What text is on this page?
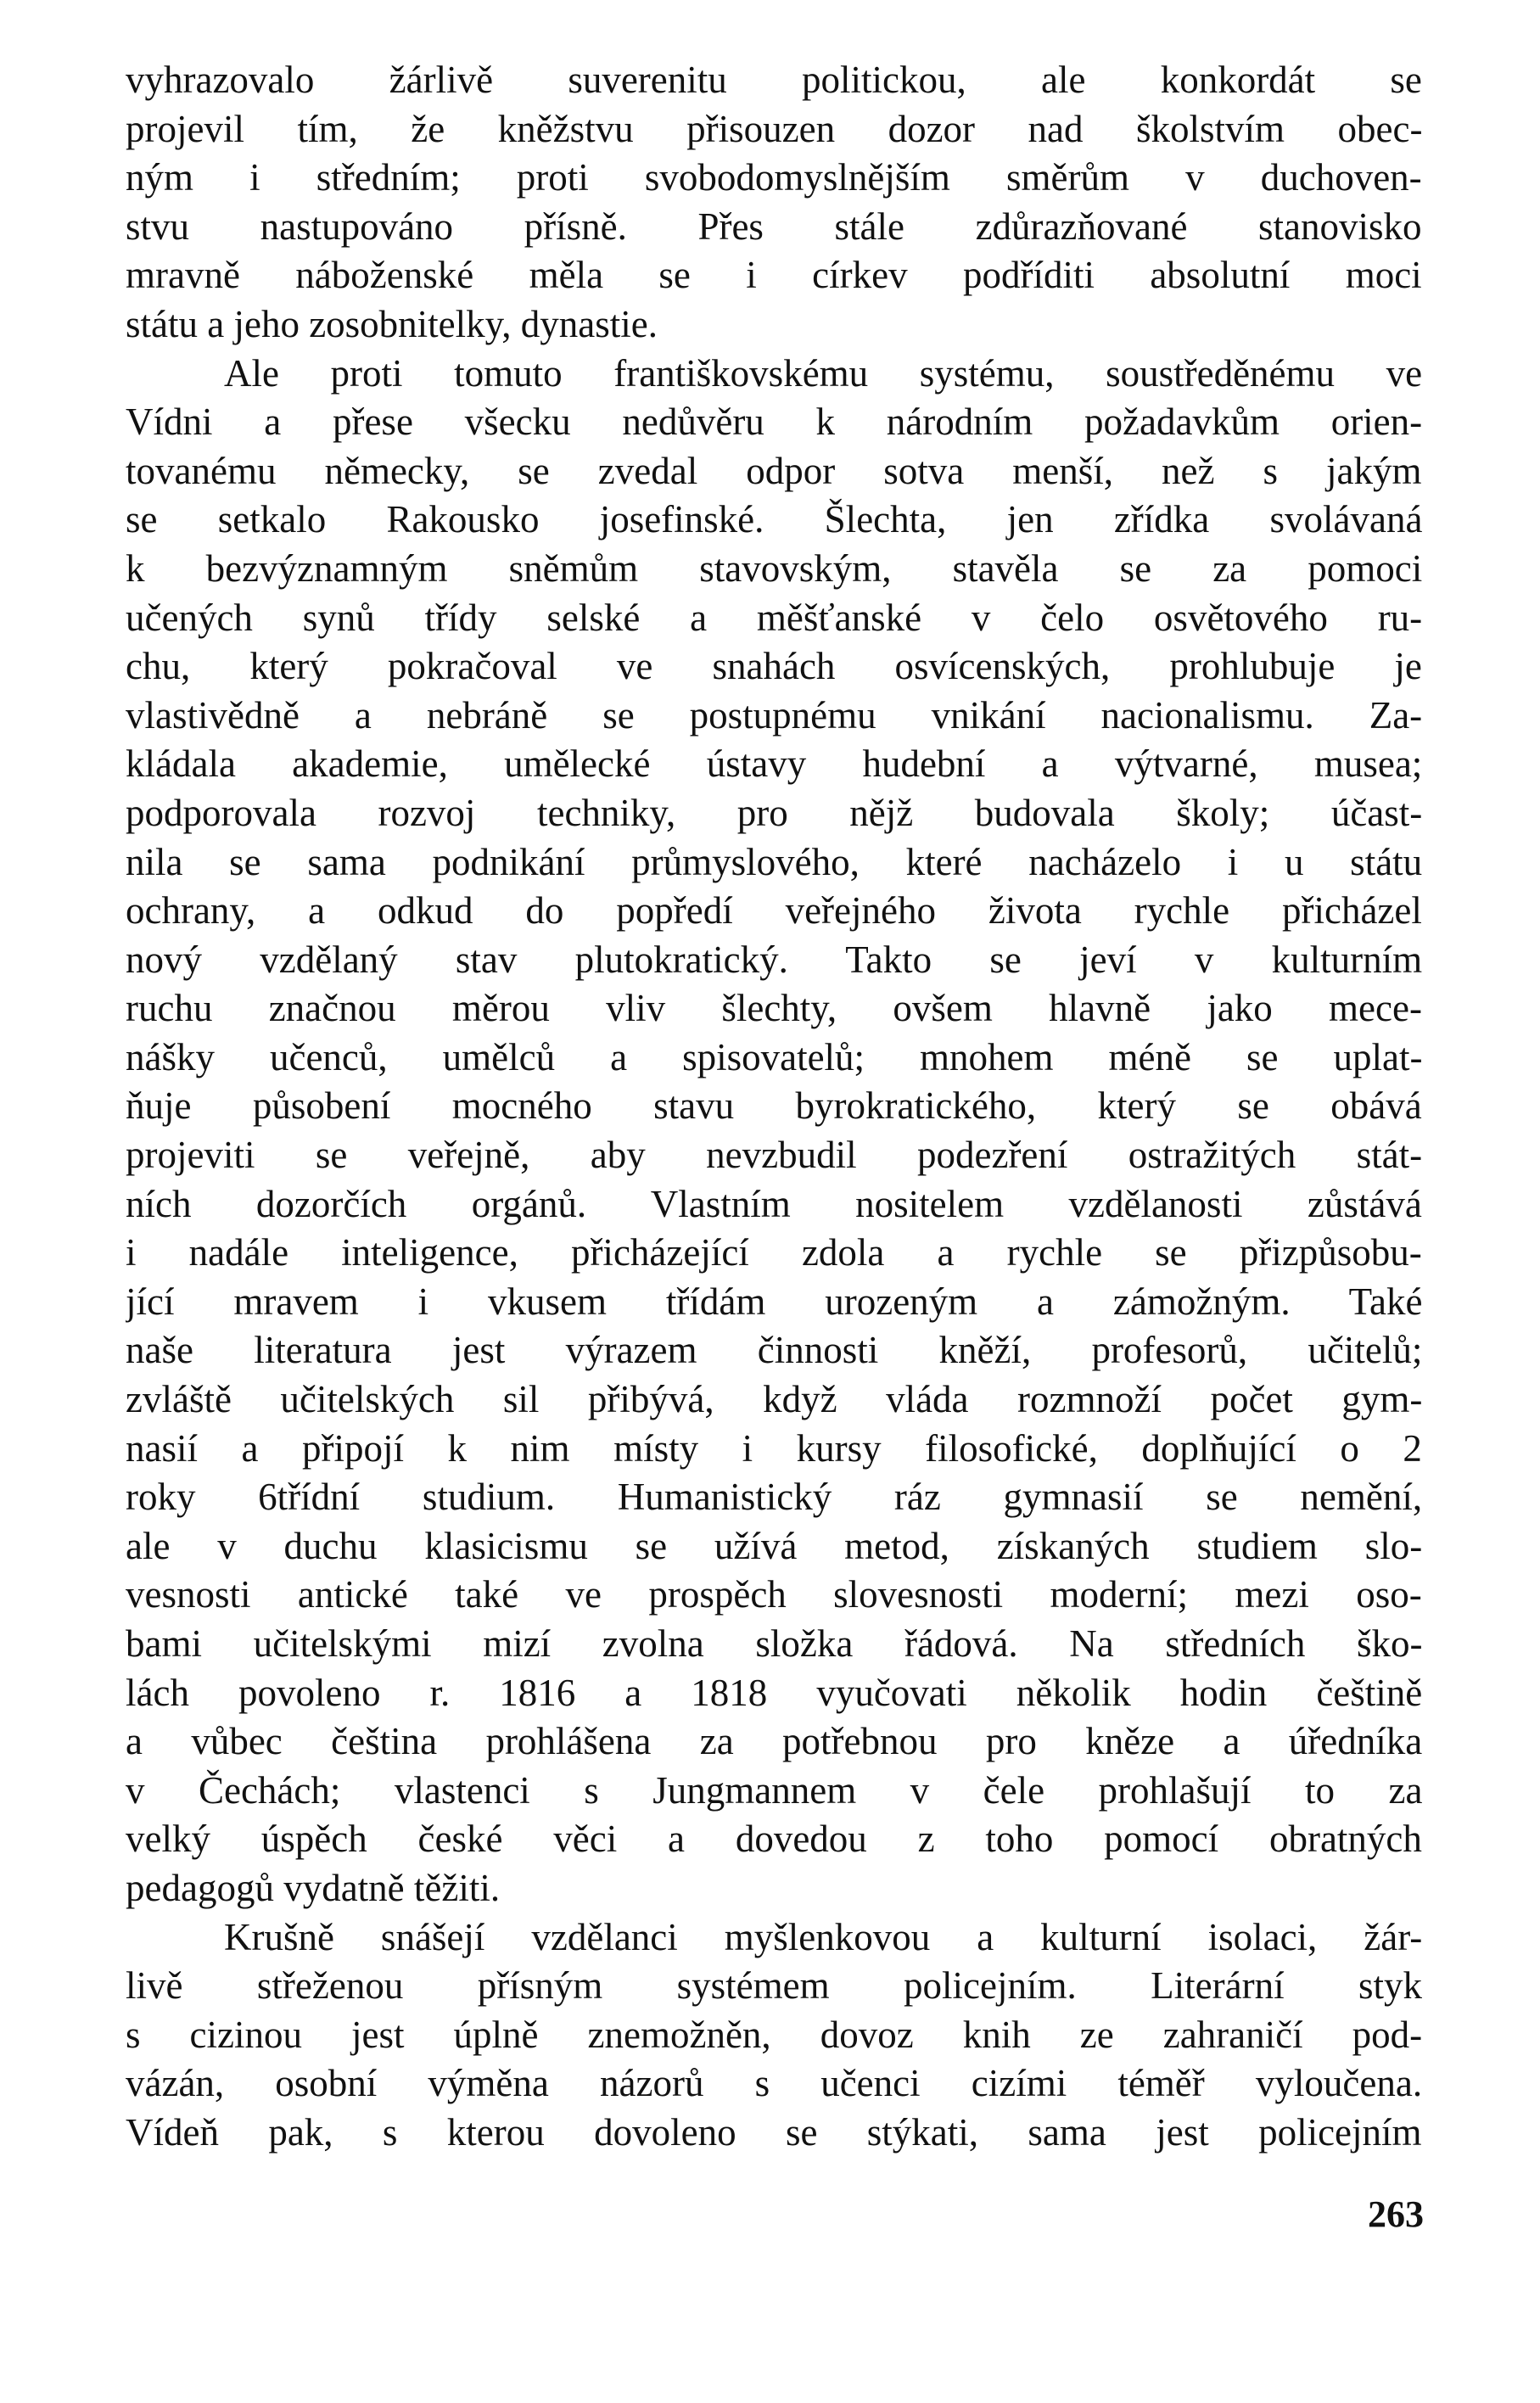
vyhrazovalo žárlivě suverenitu politickou, ale konkordát se
projevil tím, že kněžstvu přisouzen dozor nad školstvím obec-
ným i středním; proti svobodomyslnějším směrům v duchoven-
stvu nastupováno přísně. Přes stále zdůrazňované stanovisko
mravně náboženské měla se i církev podříditi absolutní moci
státu a jeho zosobnitelky, dynastie.
Ale proti tomuto františkovskému systému, soustředěnému ve
Vídni a přese všecku nedůvěru k národním požadavkům orien-
tovanému německy, se zvedal odpor sotva menší, než s jakým
se setkalo Rakousko josefinské. Šlechta, jen zřídka svolávaná
k bezvýznamným sněmům stavovským, stavěla se za pomoci
učených synů třídy selské a měšťanské v čelo osvětového ru-
chu, který pokračoval ve snahách osvícenských, prohlubuje je
vlastivědně a nebráně se postupnému vnikání nacionalismu. Za-
kládala akademie, umělecké ústavy hudební a výtvarné, musea;
podporovala rozvoj techniky, pro nějž budovala školy; účast-
nila se sama podnikání průmyslového, které nacházelo i u státu
ochrany, a odkud do popředí veřejného života rychle přicházel
nový vzdělaný stav plutokratický. Takto se jeví v kulturním
ruchu značnou měrou vliv šlechty, ovšem hlavně jako mece-
nášky učenců, umělců a spisovatelů; mnohem méně se uplat-
ňuje působení mocného stavu byrokratického, který se obává
projeviti se veřejně, aby nevzbudil podezření ostražitých stát-
ních dozorčích orgánů. Vlastním nositelem vzdělanosti zůstává
i nadále inteligence, přicházející zdola a rychle se přizpůsobu-
jící mravem i vkusem třídám urozeným a zámožným. Také
naše literatura jest výrazem činnosti kněží, profesorů, učitelů;
zvláště učitelských sil přibývá, když vláda rozmnoží počet gym-
nasií a připojí k nim místy i kursy filosofické, doplňující o 2
roky 6třídní studium. Humanistický ráz gymnasií se nemění,
ale v duchu klasicismu se užívá metod, získaných studiem slo-
vesnosti antické také ve prospěch slovesnosti moderní; mezi oso-
bami učitelskými mizí zvolna složka řádová. Na středních ško-
lách povoleno r. 1816 a 1818 vyučovati několik hodin češtině
a vůbec čeština prohlášena za potřebnou pro kněze a úředníka
v Čechách; vlastenci s Jungmannem v čele prohlašují to za
velký úspěch české věci a dovedou z toho pomocí obratných
pedagogů vydatně těžiti.
Krušně snášejí vzdělanci myšlenkovou a kulturní isolaci, žár-
livě střeženou přísným systémem policejním. Literární styk
s cizinou jest úplně znemožněn, dovoz knih ze zahraničí pod-
vázán, osobní výměna názorů s učenci cizími téměř vyloučena.
Vídeň pak, s kterou dovoleno se stýkati, sama jest policejním
263
